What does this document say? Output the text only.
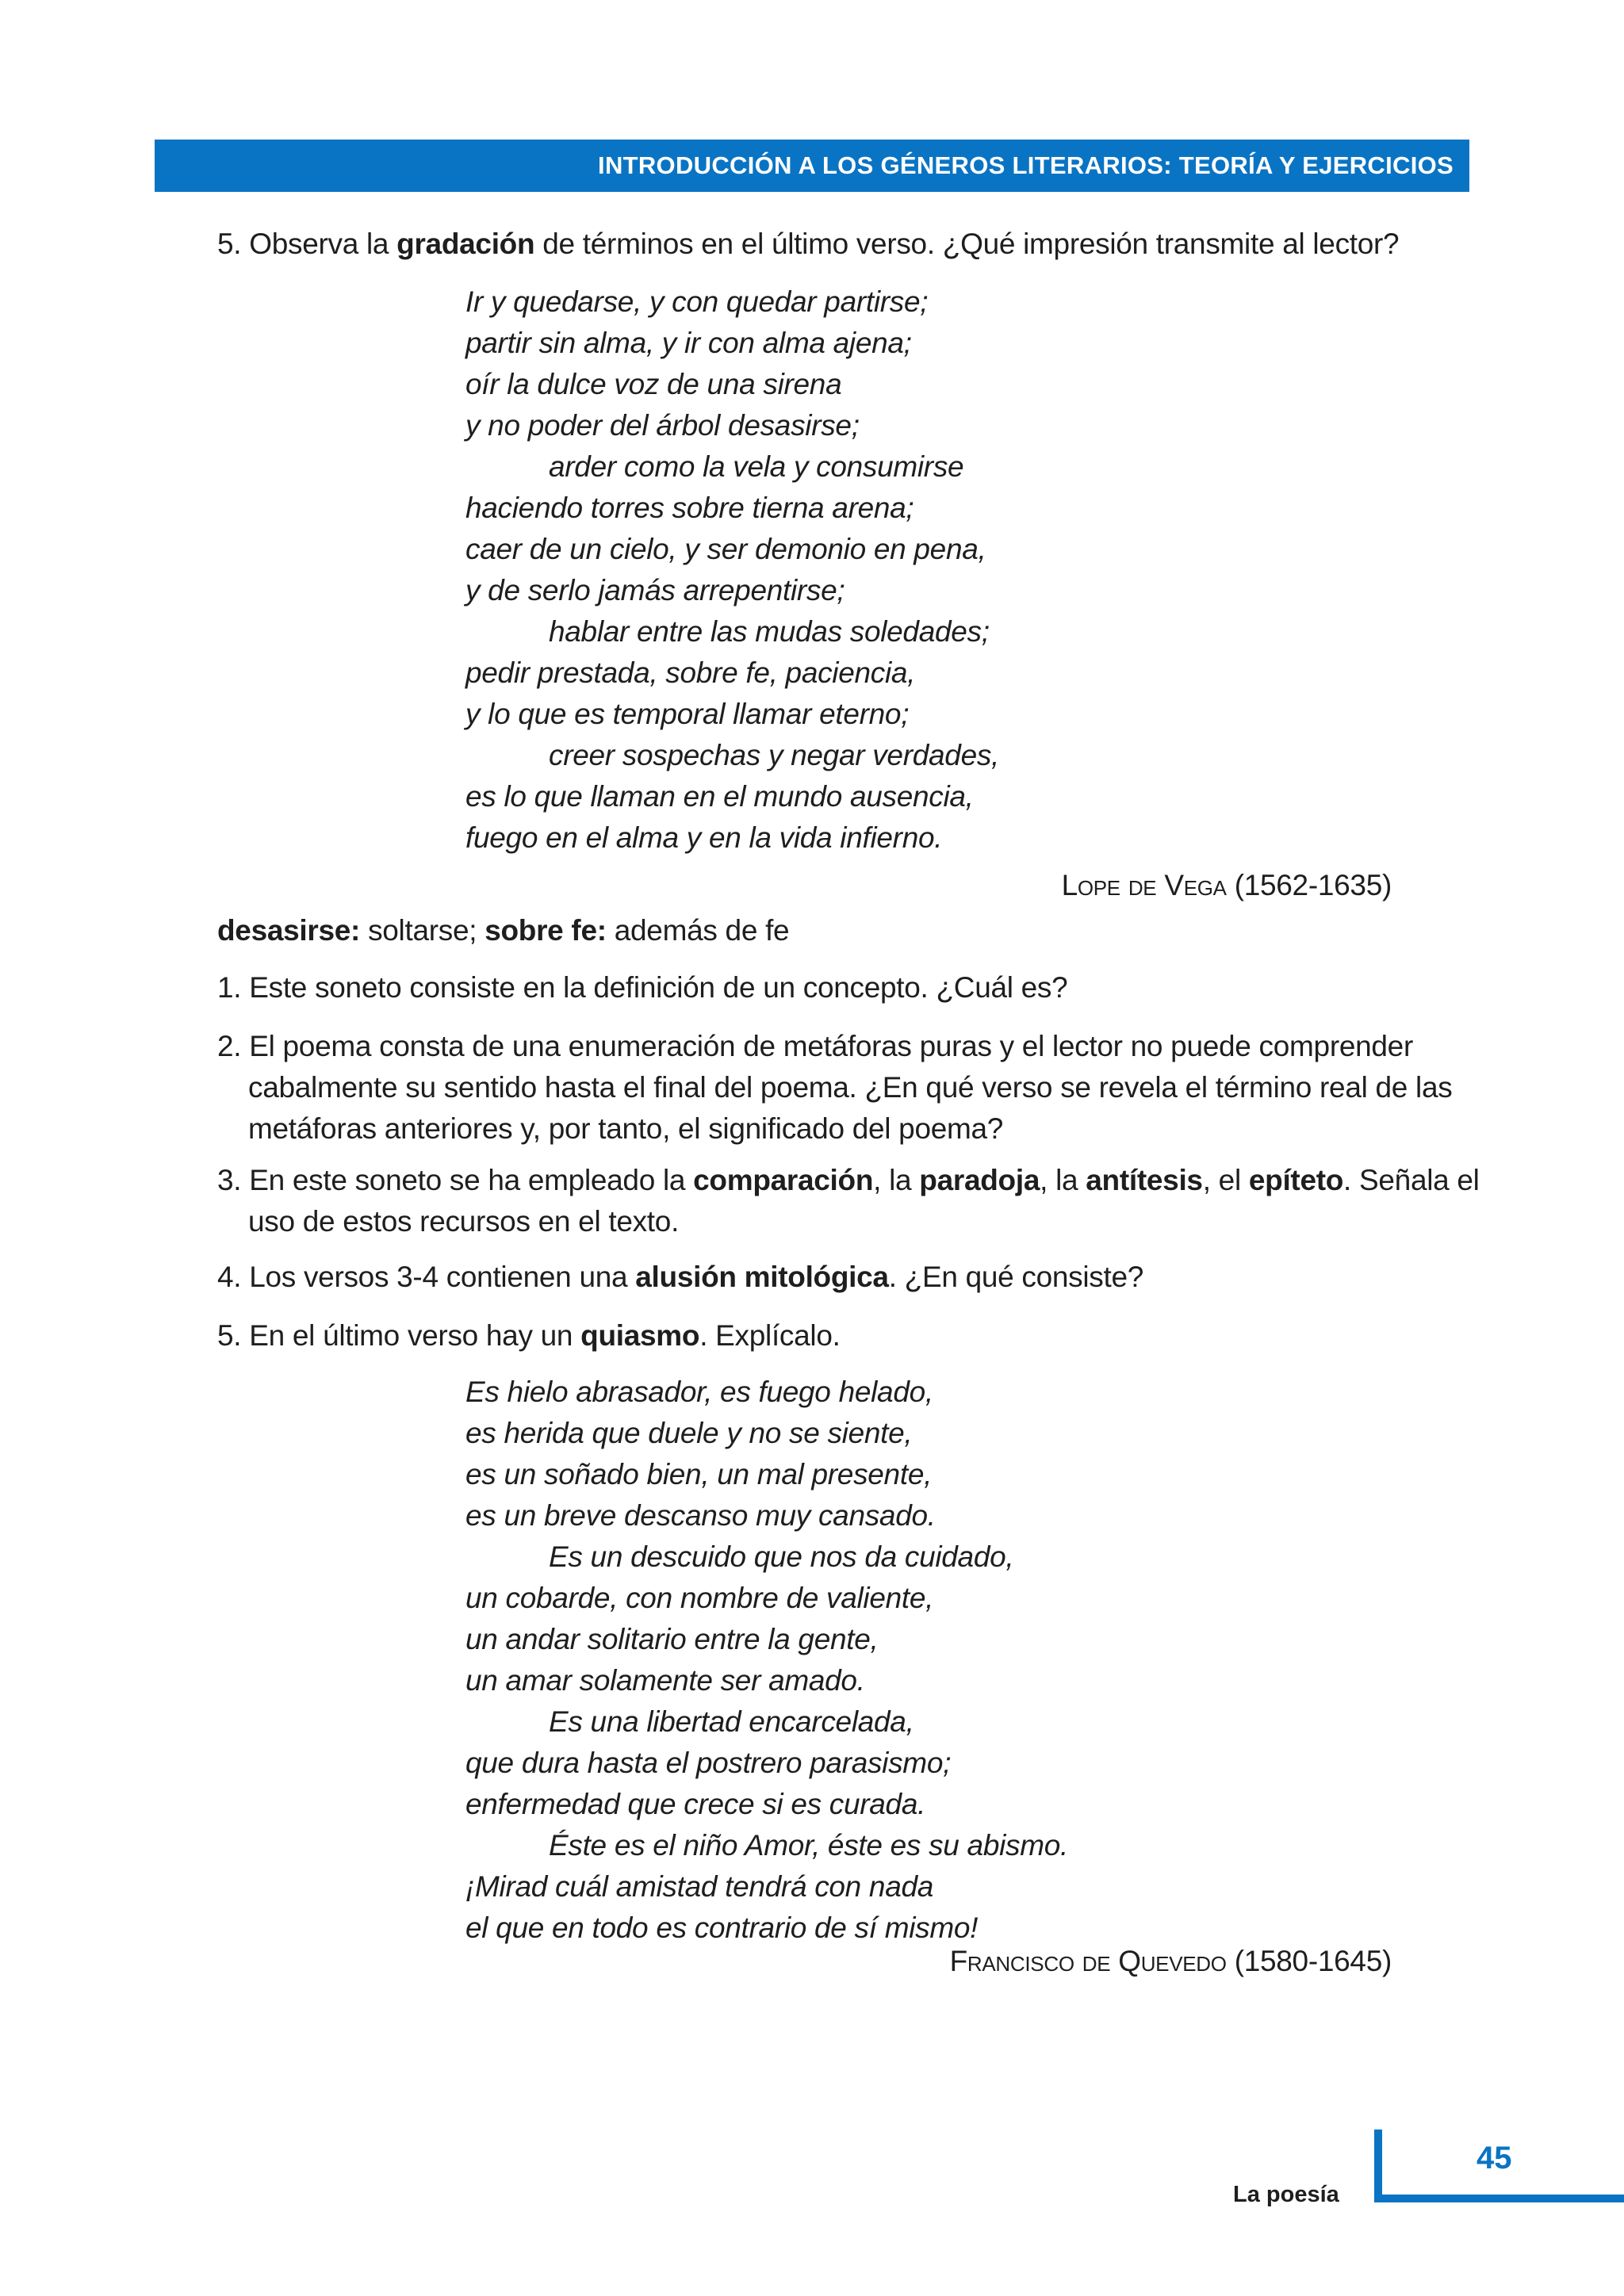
INTRODUCCIÓN A LOS GÉNEROS LITERARIOS: TEORÍA Y EJERCICIOS
5. Observa la gradación de términos en el último verso. ¿Qué impresión transmite al lector?
Ir y quedarse, y con quedar partirse;
partir sin alma, y ir con alma ajena;
oír la dulce voz de una sirena
y no poder del árbol desasirse;
arder como la vela y consumirse
haciendo torres sobre tierna arena;
caer de un cielo, y ser demonio en pena,
y de serlo jamás arrepentirse;
hablar entre las mudas soledades;
pedir prestada, sobre fe, paciencia,
y lo que es temporal llamar eterno;
creer sospechas y negar verdades,
es lo que llaman en el mundo ausencia,
fuego en el alma y en la vida infierno.
Lope de Vega (1562-1635)
desasirse: soltarse; sobre fe: además de fe
1. Este soneto consiste en la definición de un concepto. ¿Cuál es?
2. El poema consta de una enumeración de metáforas puras y el lector no puede comprender cabalmente su sentido hasta el final del poema. ¿En qué verso se revela el término real de las metáforas anteriores y, por tanto, el significado del poema?
3. En este soneto se ha empleado la comparación, la paradoja, la antítesis, el epíteto. Señala el uso de estos recursos en el texto.
4. Los versos 3-4 contienen una alusión mitológica. ¿En qué consiste?
5. En el último verso hay un quiasmo. Explícalo.
Es hielo abrasador, es fuego helado,
es herida que duele y no se siente,
es un soñado bien, un mal presente,
es un breve descanso muy cansado.
Es un descuido que nos da cuidado,
un cobarde, con nombre de valiente,
un andar solitario entre la gente,
un amar solamente ser amado.
Es una libertad encarcelada,
que dura hasta el postrero parasismo;
enfermedad que crece si es curada.
Éste es el niño Amor, éste es su abismo.
¡Mirad cuál amistad tendrá con nada
el que en todo es contrario de sí mismo!
Francisco de Quevedo (1580-1645)
45
La poesía
